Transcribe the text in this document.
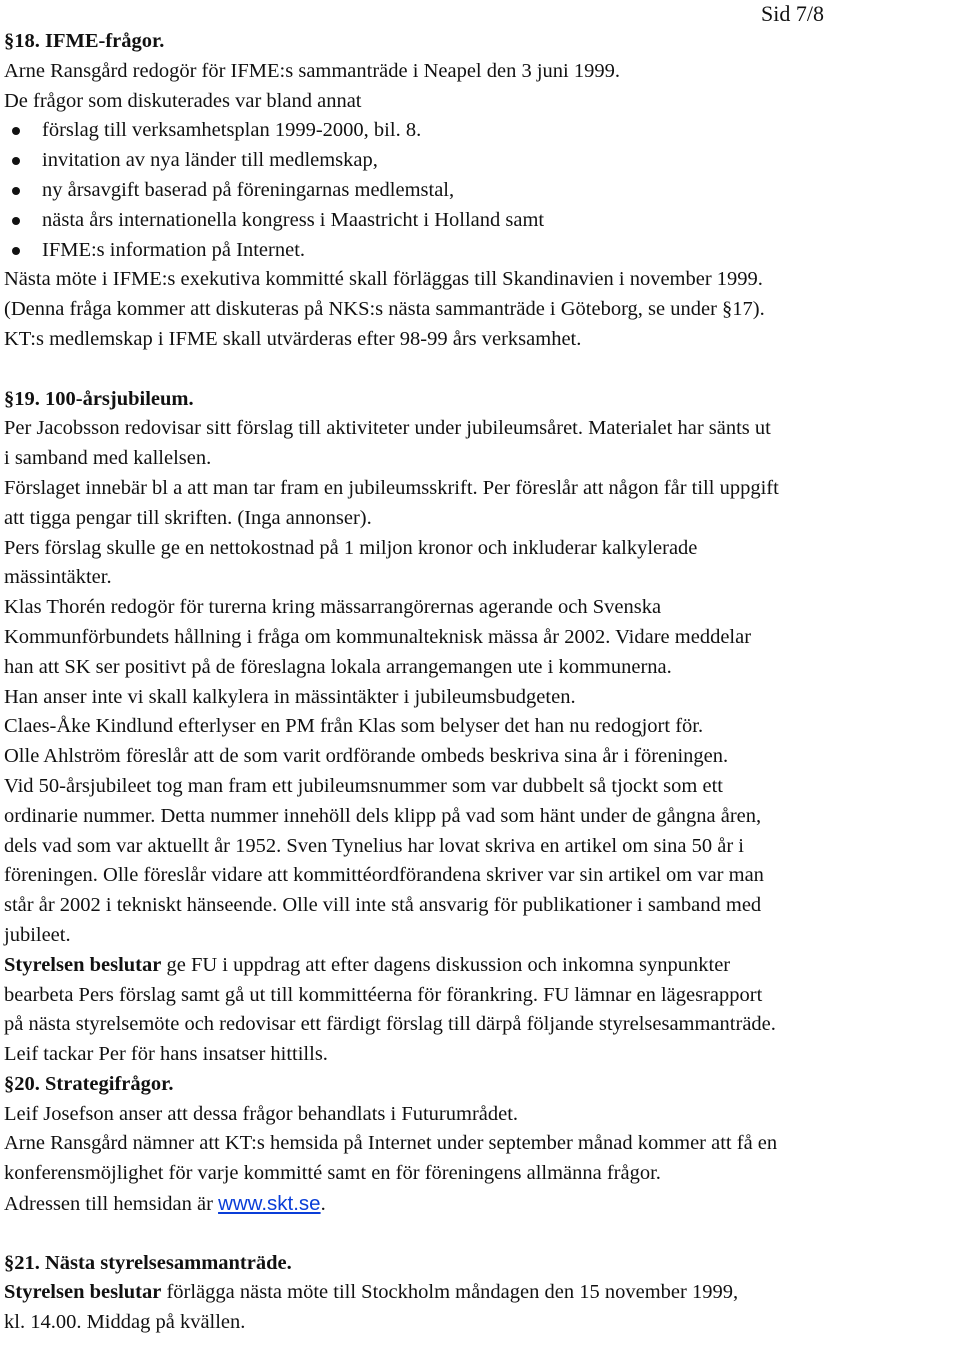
Sid 7/8
§18. IFME-frågor.
Arne Ransgård redogör för IFME:s sammanträde i Neapel den 3 juni 1999.
De frågor som diskuterades var bland annat
förslag till verksamhetsplan 1999-2000, bil. 8.
invitation av nya länder till medlemskap,
ny årsavgift baserad på föreningarnas medlemstal,
nästa års internationella kongress i Maastricht i Holland samt
IFME:s information på Internet.
Nästa möte i IFME:s exekutiva kommitté skall förläggas till Skandinavien i november 1999.
(Denna fråga kommer att diskuteras på NKS:s nästa sammanträde i Göteborg, se under §17).
KT:s medlemskap i IFME skall utvärderas efter 98-99 års verksamhet.
§19. 100-årsjubileum.
Per Jacobsson redovisar sitt förslag till aktiviteter under jubileumsåret. Materialet har sänts ut
i samband med kallelsen.
Förslaget innebär bl a att man tar fram en jubileumsskrift. Per föreslår att någon får till uppgift
att tigga pengar till skriften. (Inga annonser).
Pers förslag skulle ge en nettokostnad på 1 miljon kronor och inkluderar kalkylerade
mässintäkter.
Klas Thorén redogör för turerna kring mässarrangörernas agerande och Svenska
Kommunförbundets hållning i fråga om kommunalteknisk mässa år 2002. Vidare meddelar
han att SK ser positivt på de föreslagna lokala arrangemangen ute i kommunerna.
Han anser inte vi skall kalkylera in mässintäkter i jubileumsbudgeten.
Claes-Åke Kindlund efterlyser en PM från Klas som belyser det han nu redogjort för.
Olle Ahlström föreslår att de som varit ordförande ombeds beskriva sina år i föreningen.
Vid 50-årsjubileet tog man fram ett jubileumsnummer som var dubbelt så tjockt som ett
ordinarie nummer. Detta nummer innehöll dels klipp på vad som hänt under de gångna åren,
dels vad som var aktuellt år 1952. Sven Tynelius har lovat skriva en artikel om sina 50 år i
föreningen. Olle föreslår vidare att kommittéordförandena skriver var sin artikel om var man
står år 2002 i tekniskt hänseende. Olle vill inte stå ansvarig för publikationer i samband med
jubileet.
Styrelsen beslutar ge FU i uppdrag att efter dagens diskussion och inkomna synpunkter
bearbeta Pers förslag samt gå ut till kommittéerna för förankring. FU lämnar en lägesrapport
på nästa styrelsemöte och redovisar ett färdigt förslag till därpå följande styrelsesammanträde.
Leif tackar Per för hans insatser hittills.
§20. Strategifrågor.
Leif Josefson anser att dessa frågor behandlats i Futurumrådet.
Arne Ransgård nämner att KT:s hemsida på Internet under september månad kommer att få en
konferensmöjlighet för varje kommitté samt en för föreningens allmänna frågor.
Adressen till hemsidan är www.skt.se.
§21. Nästa styrelsesammanträde.
Styrelsen beslutar förlägga nästa möte till Stockholm måndagen den 15 november 1999,
kl. 14.00. Middag på kvällen.
